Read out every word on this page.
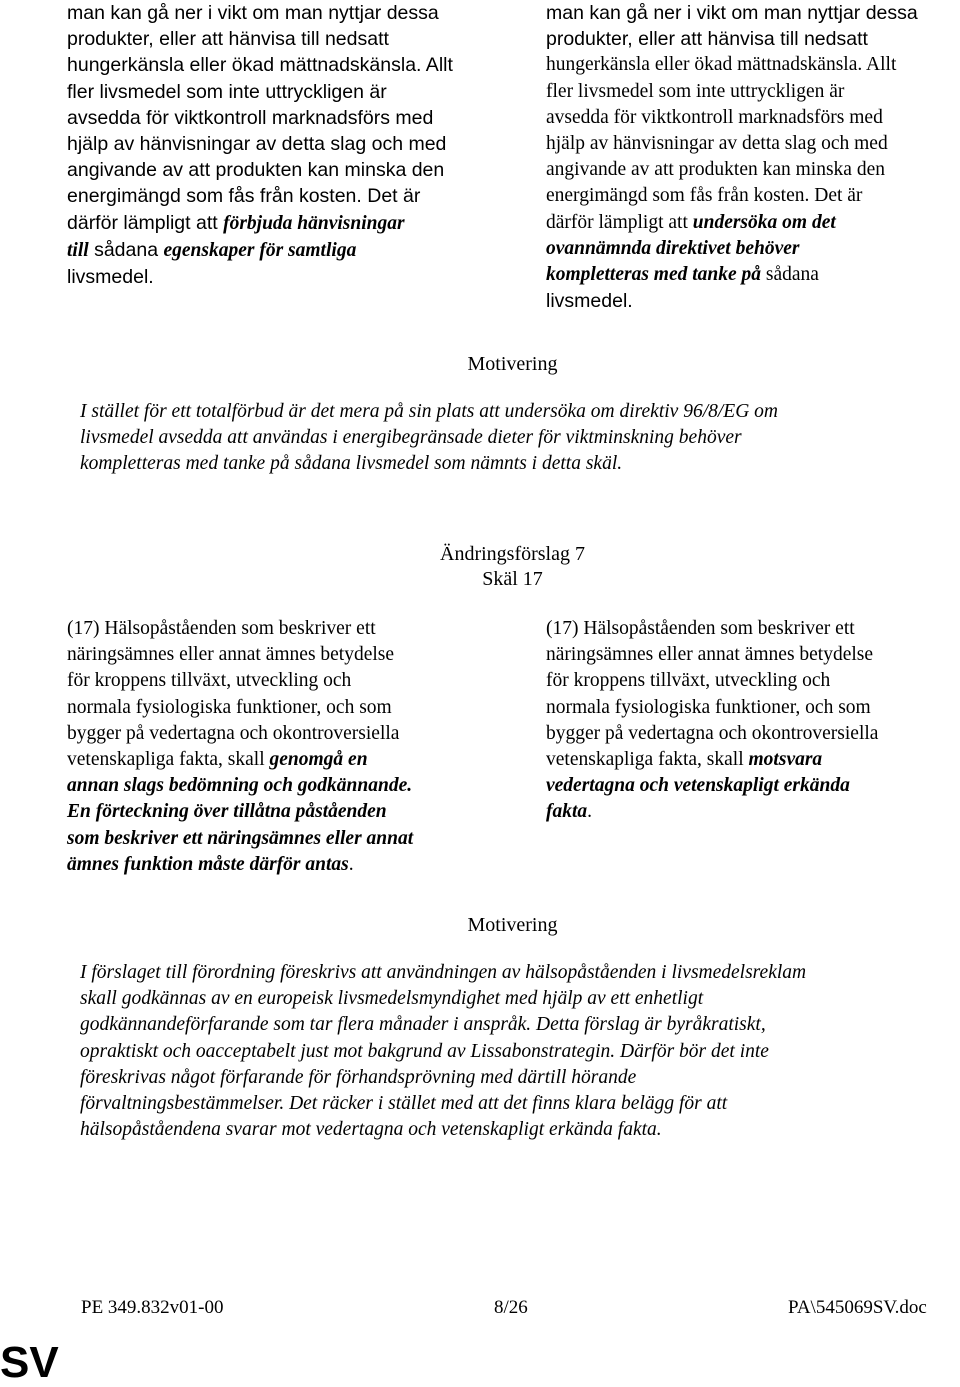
man kan gå ner i vikt om man nyttjar dessa

produkter, eller att hänvisa till nedsatt

hungerkänsla eller ökad mättnadskänsla. Allt

fler livsmedel som inte uttryckligen är

avsedda för viktkontroll marknadsförs med

hjälp av hänvisningar av detta slag och med

angivande av att produkten kan minska den

energimängd som fås från kosten. Det är

därför lämpligt att förbjuda hänvisningar

till sådana egenskaper för samtliga

livsmedel.

man kan gå ner i vikt om man nyttjar dessa

produkter, eller att hänvisa till nedsatt

hungerkänsla eller ökad mättnadskänsla. Allt

fler livsmedel som inte uttryckligen är

avsedda för viktkontroll marknadsförs med

hjälp av hänvisningar av detta slag och med

angivande av att produkten kan minska den

energimängd som fås från kosten. Det är

därför lämpligt att undersöka om det

ovannämnda direktivet behöver

kompletteras med tanke på sådana

livsmedel.

Motivering
I stället för ett totalförbud är det mera på sin plats att undersöka om direktiv 96/8/EG om
livsmedel avsedda att användas i energibegränsade dieter för viktminskning behöver
kompletteras med tanke på sådana livsmedel som nämnts i detta skäl.
Ändringsförslag 7
Skäl 17

(17) Hälsopåståenden som beskriver ett

näringsämnes eller annat ämnes betydelse

för kroppens tillväxt, utveckling och

normala fysiologiska funktioner, och som

bygger på vedertagna och okontroversiella

vetenskapliga fakta, skall genomgå en

annan slags bedömning och godkännande.

En förteckning över tillåtna påståenden

som beskriver ett näringsämnes eller annat

ämnes funktion måste därför antas.

(17) Hälsopåståenden som beskriver ett

näringsämnes eller annat ämnes betydelse

för kroppens tillväxt, utveckling och

normala fysiologiska funktioner, och som

bygger på vedertagna och okontroversiella

vetenskapliga fakta, skall motsvara

vedertagna och vetenskapligt erkända

fakta.

Motivering
I förslaget till förordning föreskrivs att användningen av hälsopåståenden i livsmedelsreklam
skall godkännas av en europeisk livsmedelsmyndighet med hjälp av ett enhetligt
godkännandeförfarande som tar flera månader i anspråk. Detta förslag är byråkratiskt,
opraktiskt och oacceptabelt just mot bakgrund av Lissabonstrategin. Därför bör det inte
föreskrivas något förfarande för förhandsprövning med därtill hörande
förvaltningsbestämmelser. Det räcker i stället med att det finns klara belägg för att
hälsopåståendena svarar mot vedertagna och vetenskapligt erkända fakta.
PE 349.832v01-00	8/26	PA\545069SV.doc
SV
